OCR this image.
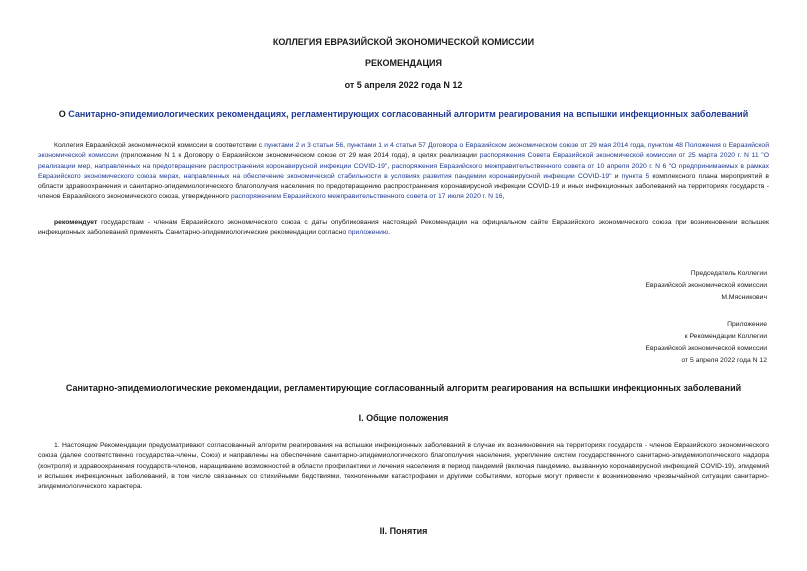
КОЛЛЕГИЯ ЕВРАЗИЙСКОЙ ЭКОНОМИЧЕСКОЙ КОМИССИИ
РЕКОМЕНДАЦИЯ
от 5 апреля 2022 года N 12
О Санитарно-эпидемиологических рекомендациях, регламентирующих согласованный алгоритм реагирования на вспышки инфекционных заболеваний
Коллегия Евразийской экономической комиссии в соответствии с пунктами 2 и 3 статьи 56, пунктами 1 и 4 статьи 57 Договора о Евразийском экономическом союзе от 29 мая 2014 года, пунктом 48 Положения о Евразийской экономической комиссии (приложение N 1 к Договору о Евразийском экономическом союзе от 29 мая 2014 года), в целях реализации распоряжения Совета Евразийской экономической комиссии от 25 марта 2020 г. N 11 "О реализации мер, направленных на предотвращение распространения коронавирусной инфекции COVID-19", распоряжения Евразийского межправительственного совета от 10 апреля 2020 г. N 6 "О предпринимаемых в рамках Евразийского экономического союза мерах, направленных на обеспечение экономической стабильности в условиях развития пандемии коронавирусной инфекции COVID-19" и пункта 5 комплексного плана мероприятий в области здравоохранения и санитарно-эпидемиологического благополучия населения по предотвращению распространения коронавирусной инфекции COVID-19 и иных инфекционных заболеваний на территориях государств - членов Евразийского экономического союза, утвержденного распоряжением Евразийского межправительственного совета от 17 июля 2020 г. N 16,
рекомендует государствам - членам Евразийского экономического союза с даты опубликования настоящей Рекомендации на официальном сайте Евразийского экономического союза при возникновении вспышек инфекционных заболеваний применять Санитарно-эпидемиологические рекомендации согласно приложению.
Председатель Коллегии
Евразийской экономической комиссии
М.Мясникович
Приложение
к Рекомендации Коллегии
Евразийской экономической комиссии
от 5 апреля 2022 года N 12
Санитарно-эпидемиологические рекомендации, регламентирующие согласованный алгоритм реагирования на вспышки инфекционных заболеваний
I. Общие положения
1. Настоящие Рекомендации предусматривают согласованный алгоритм реагирования на вспышки инфекционных заболеваний в случае их возникновения на территориях государств - членов Евразийского экономического союза (далее соответственно государства-члены, Союз) и направлены на обеспечение санитарно-эпидемиологического благополучия населения, укрепление систем государственного санитарно-эпидемиологического надзора (контроля) и здравоохранения государств-членов, наращивание возможностей в области профилактики и лечения населения в период пандемий (включая пандемию, вызванную коронавирусной инфекцией COVID-19), эпидемий и вспышек инфекционных заболеваний, в том числе связанных со стихийными бедствиями, техногенными катастрофами и другими событиями, которые могут привести к возникновению чрезвычайной ситуации санитарно-эпидемиологического характера.
II. Понятия
